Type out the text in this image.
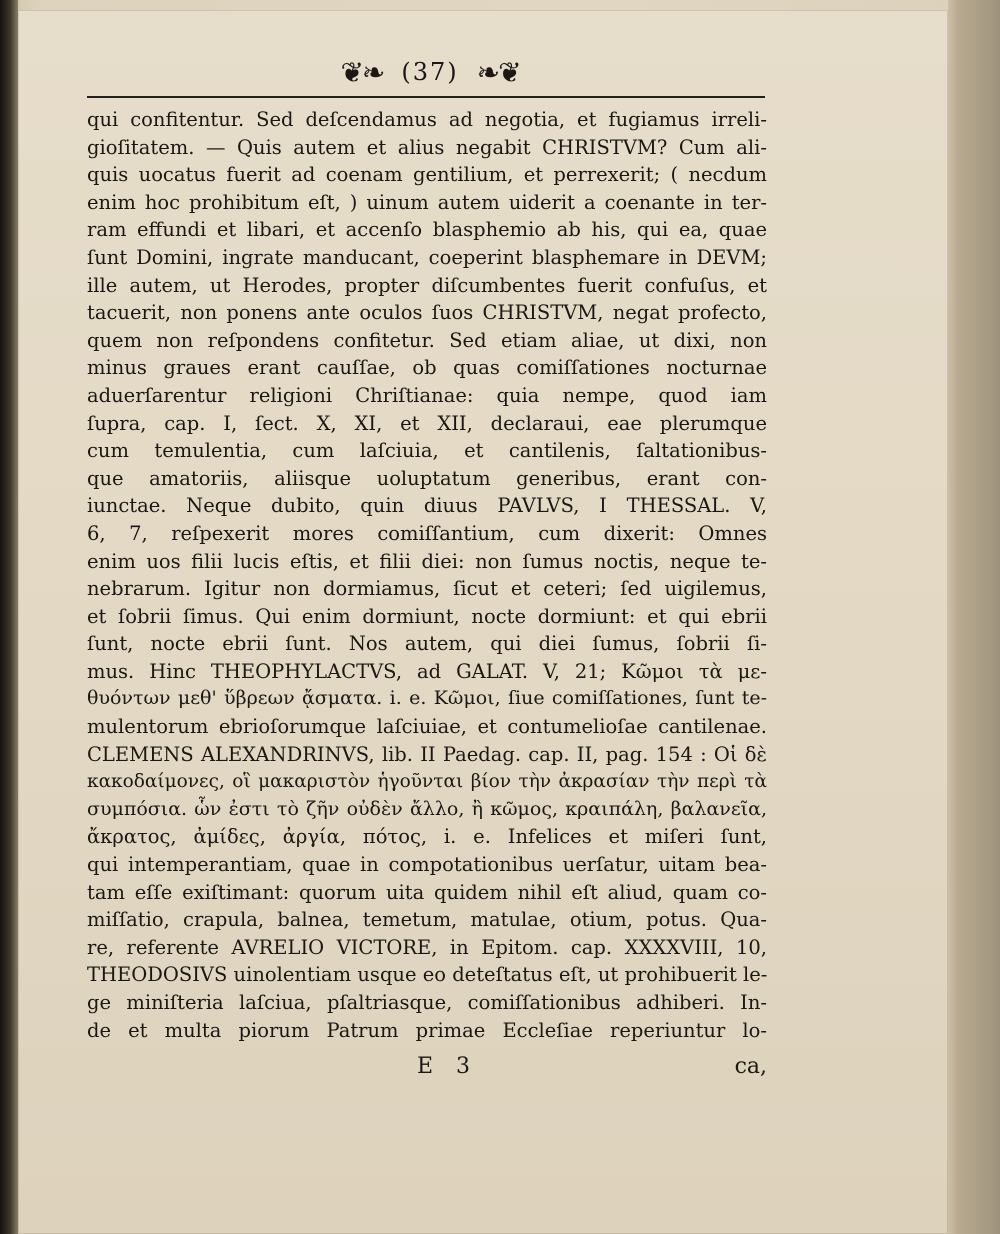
❦❧ (37) ❧❦
qui confitentur. Sed deſcendamus ad negotia, et fugiamus irreli-
gioſitatem. — Quis autem et alius negabit CHRISTVM? Cum ali-
quis uocatus fuerit ad coenam gentilium, et perrexerit; ( necdum
enim hoc prohibitum eſt, ) uinum autem uiderit a coenante in ter-
ram effundi et libari, et accenſo blasphemio ab his, qui ea, quae
ſunt Domini, ingrate manducant, coeperint blasphemare in DEVM;
ille autem, ut Herodes, propter diſcumbentes fuerit confuſus, et
tacuerit, non ponens ante oculos ſuos CHRISTVM, negat profecto,
quem non reſpondens confitetur. Sed etiam aliae, ut dixi, non
minus graues erant cauſſae, ob quas comiſſationes nocturnae
aduerſarentur religioni Chriſtianae: quia nempe, quod iam
ſupra, cap. I, ſect. X, XI, et XII, declaraui, eae plerumque
cum temulentia, cum laſciuia, et cantilenis, ſaltationibus-
que amatoriis, aliisque uoluptatum generibus, erant con-
iunctae. Neque dubito, quin diuus PAVLVS, I THESSAL. V,
6, 7, reſpexerit mores comiſſantium, cum dixerit: Omnes
enim uos filii lucis eſtis, et filii diei: non ſumus noctis, neque te-
nebrarum. Igitur non dormiamus, ſicut et ceteri; ſed uigilemus,
et ſobrii ſimus. Qui enim dormiunt, nocte dormiunt: et qui ebrii
ſunt, nocte ebrii ſunt. Nos autem, qui diei ſumus, ſobrii ſi-
mus. Hinc THEOPHYLACTVS, ad GALAT. V, 21; Κῶμοι τὰ με-
θυόντων μεθ' ὕβρεων ᾄσματα. i. e. Κῶμοι, ſiue comiſſationes, ſunt te-
mulentorum ebrioſorumque laſciuiae, et contumelioſae cantilenae.
CLEMENS ALEXANDRINVS, lib. II Paedag. cap. II, pag. 154 : Οἱ δὲ
κακοδαίμονες, οἳ μακαριστὸν ἡγοῦνται βίον τὴν ἀκρασίαν τὴν περὶ τὰ
συμπόσια. ὧν ἐστι τὸ ζῆν οὐδὲν ἄλλο, ἢ κῶμος, κραιπάλη, βαλανεῖα,
ἄκρατος, ἀμίδες, ἀργία, πότος, i. e. Infelices et miſeri ſunt,
qui intemperantiam, quae in compotationibus uerſatur, uitam bea-
tam eſſe exiſtimant: quorum uita quidem nihil eſt aliud, quam co-
miſſatio, crapula, balnea, temetum, matulae, otium, potus. Qua-
re, referente AVRELIO VICTORE, in Epitom. cap. XXXXVIII, 10,
THEODOSIVS uinolentiam usque eo deteſtatus eſt, ut prohibuerit le-
ge miniſteria laſciua, pſaltriasque, comiſſationibus adhiberi. In-
de et multa piorum Patrum primae Eccleſiae reperiuntur lo-
E 3	ca,
